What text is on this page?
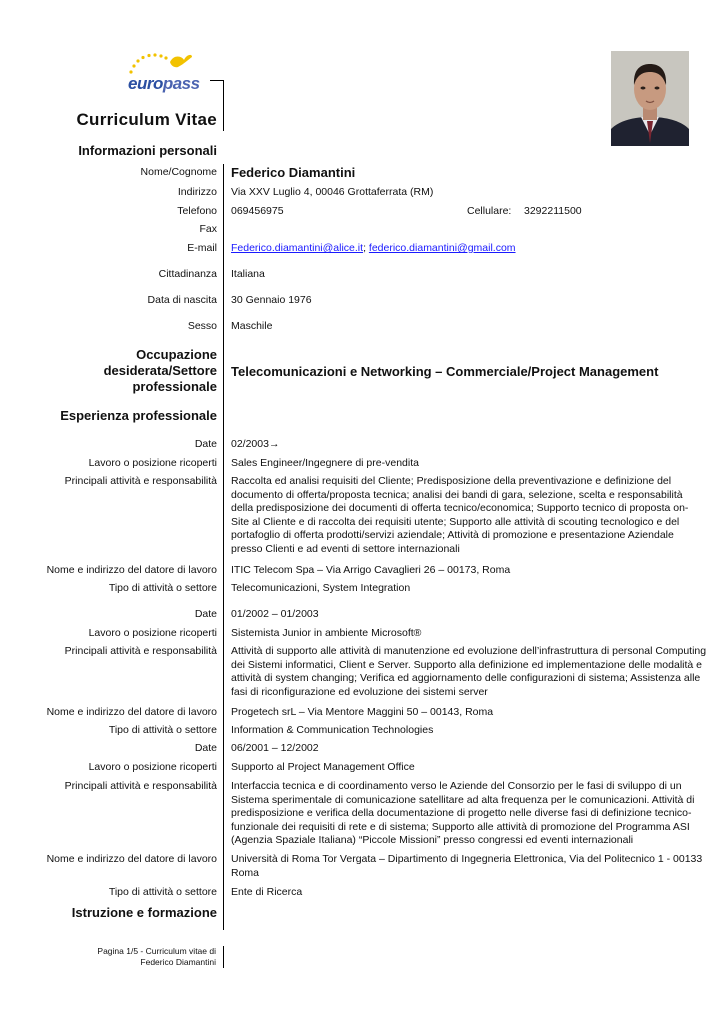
europass
Curriculum Vitae
Informazioni personali
Nome/Cognome Federico Diamantini
Indirizzo Via XXV Luglio 4, 00046 Grottaferrata (RM)
Telefono 069456975	Cellulare: 3292211500
Fax
E-mail Federico.diamantini@alice.it; federico.diamantini@gmail.com
Cittadinanza Italiana
Data di nascita 30 Gennaio 1976
Sesso Maschile
Occupazione
desiderata/Settore
professionale
Telecomunicazioni e Networking – Commerciale/Project Management
Esperienza professionale
Date 02/2003→
Lavoro o posizione ricoperti Sales Engineer/Ingegnere di pre-vendita
Principali attività e responsabilità Raccolta ed analisi requisiti del Cliente; Predisposizione della preventivazione e definizione del
documento di offerta/proposta tecnica; analisi dei bandi di gara, selezione, scelta e responsabilità
della predisposizione dei documenti di offerta tecnico/economica; Supporto tecnico di proposta on-
Site al Cliente e di raccolta dei requisiti utente; Supporto alle attività di scouting tecnologico e del
portafoglio di offerta prodotti/servizi aziendale; Attività di promozione e presentazione Aziendale
presso Clienti e ad eventi di settore internazionali
Nome e indirizzo del datore di lavoro ITIC Telecom Spa – Via Arrigo Cavaglieri 26 – 00173, Roma
Tipo di attività o settore Telecomunicazioni, System Integration
Date 01/2002 – 01/2003
Lavoro o posizione ricoperti Sistemista Junior in ambiente Microsoft®
Principali attività e responsabilità Attività di supporto alle attività di manutenzione ed evoluzione dell’infrastruttura di personal Computing
dei Sistemi informatici, Client e Server. Supporto alla definizione ed implementazione delle modalità e
attività di system changing; Verifica ed aggiornamento delle configurazioni di sistema; Assistenza alle
fasi di riconfigurazione ed evoluzione dei sistemi server
Nome e indirizzo del datore di lavoro Progetech srL – Via Mentore Maggini 50 – 00143, Roma
Tipo di attività o settore Information & Communication Technologies
Date 06/2001 – 12/2002
Lavoro o posizione ricoperti Supporto al Project Management Office
Principali attività e responsabilità Interfaccia tecnica e di coordinamento verso le Aziende del Consorzio per le fasi di sviluppo di un
Sistema sperimentale di comunicazione satellitare ad alta frequenza per le comunicazioni. Attività di
predisposizione e verifica della documentazione di progetto nelle diverse fasi di definizione tecnico-
funzionale dei requisiti di rete e di sistema; Supporto alle attività di promozione del Programma ASI
(Agenzia Spaziale Italiana) “Piccole Missioni” presso congressi ed eventi internazionali
Nome e indirizzo del datore di lavoro Università di Roma Tor Vergata – Dipartimento di Ingegneria Elettronica, Via del Politecnico 1 - 00133
Roma
Tipo di attività o settore Ente di Ricerca
Istruzione e formazione
Pagina 1/5 - Curriculum vitae di
Federico Diamantini
